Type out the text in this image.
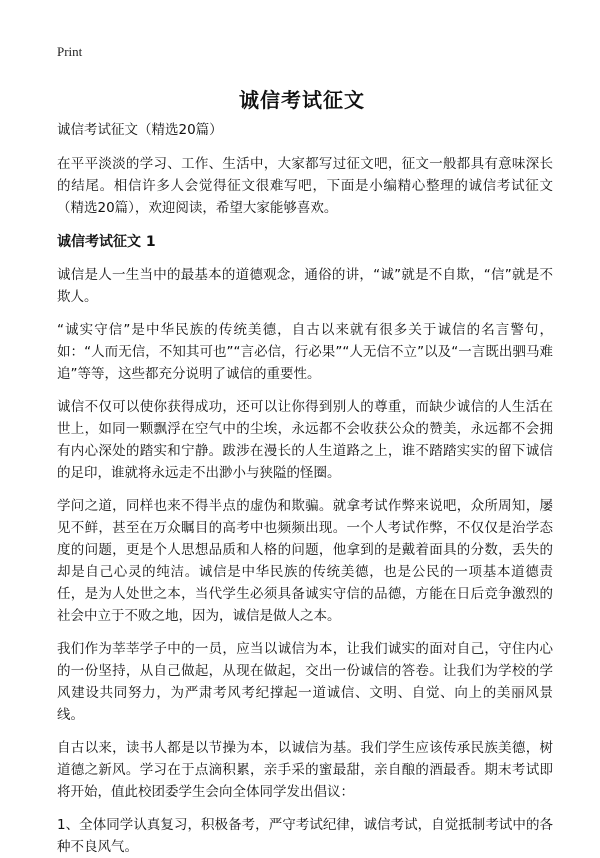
Print
诚信考试征文
诚信考试征文（精选20篇）

在平平淡淡的学习、工作、生活中，大家都写过征文吧，征文一般都具有意味深长的结尾。相信许多人会觉得征文很难写吧，下面是小编精心整理的诚信考试征文（精选20篇），欢迎阅读，希望大家能够喜欢。

诚信考试征文 1

诚信是人一生当中的最基本的道德观念，通俗的讲，“诚”就是不自欺，“信”就是不欺人。

“诚实守信”是中华民族的传统美德，自古以来就有很多关于诚信的名言警句，如：“人而无信，不知其可也”“言必信，行必果”“人无信不立”以及“一言既出驷马难追”等等，这些都充分说明了诚信的重要性。

诚信不仅可以使你获得成功，还可以让你得到别人的尊重，而缺少诚信的人生活在世上，如同一颗飘浮在空气中的尘埃，永远都不会收获公众的赞美，永远都不会拥有内心深处的踏实和宁静。跋涉在漫长的人生道路之上，谁不踏踏实实的留下诚信的足印，谁就将永远走不出渺小与狭隘的怪圈。

学问之道，同样也来不得半点的虚伪和欺骗。就拿考试作弊来说吧，众所周知，屡见不鲜，甚至在万众瞩目的高考中也频频出现。一个人考试作弊，不仅仅是治学态度的问题，更是个人思想品质和人格的问题，他拿到的是戴着面具的分数，丢失的却是自己心灵的纯洁。诚信是中华民族的传统美德，也是公民的一项基本道德责任，是为人处世之本，当代学生必须具备诚实守信的品德，方能在日后竞争激烈的社会中立于不败之地，因为，诚信是做人之本。

我们作为莘莘学子中的一员，应当以诚信为本，让我们诚实的面对自己，守住内心的一份坚持，从自己做起，从现在做起，交出一份诚信的答卷。让我们为学校的学风建设共同努力，为严肃考风考纪撑起一道诚信、文明、自觉、向上的美丽风景线。

自古以来，读书人都是以节操为本，以诚信为基。我们学生应该传承民族美德，树道德之新风。学习在于点滴积累，亲手采的蜜最甜，亲自酿的酒最香。期末考试即将开始，值此校团委学生会向全体同学发出倡议：

1、全体同学认真复习，积极备考，严守考试纪律，诚信考试，自觉抵制考试中的各种不良风气。
